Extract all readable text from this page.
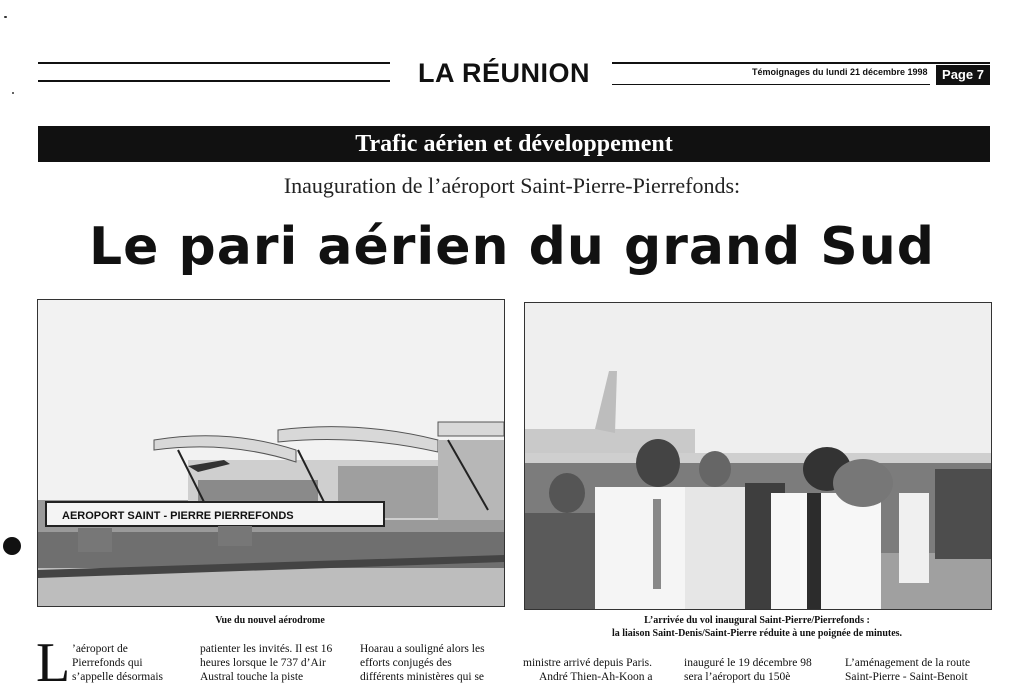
LA RÉUNION	Témoignages du lundi 21 décembre 1998	Page 7
Trafic aérien et développement
Inauguration de l’aéroport Saint-Pierre-Pierrefonds:
Le pari aérien du grand Sud
AEROPORT SAINT - PIERRE PIERREFONDS
Vue du nouvel aérodrome	L’arrivée du vol inaugural Saint-Pierre/Pierrefonds :
la liaison Saint-Denis/Saint-Pierre réduite à une poignée de minutes.
L ’aéroport de
Pierrefonds qui
s’appelle désormais
patienter les invités. Il est 16
heures lorsque le 737 d’Air
Austral touche la piste
Hoarau a souligné alors les
efforts conjugés des
différents ministères qui se
ministre arrivé depuis Paris.
André Thien-Ah-Koon a
inauguré le 19 décembre 98
sera l’aéroport du 150è
L’aménagement de la route
Saint-Pierre - Saint-Benoit
